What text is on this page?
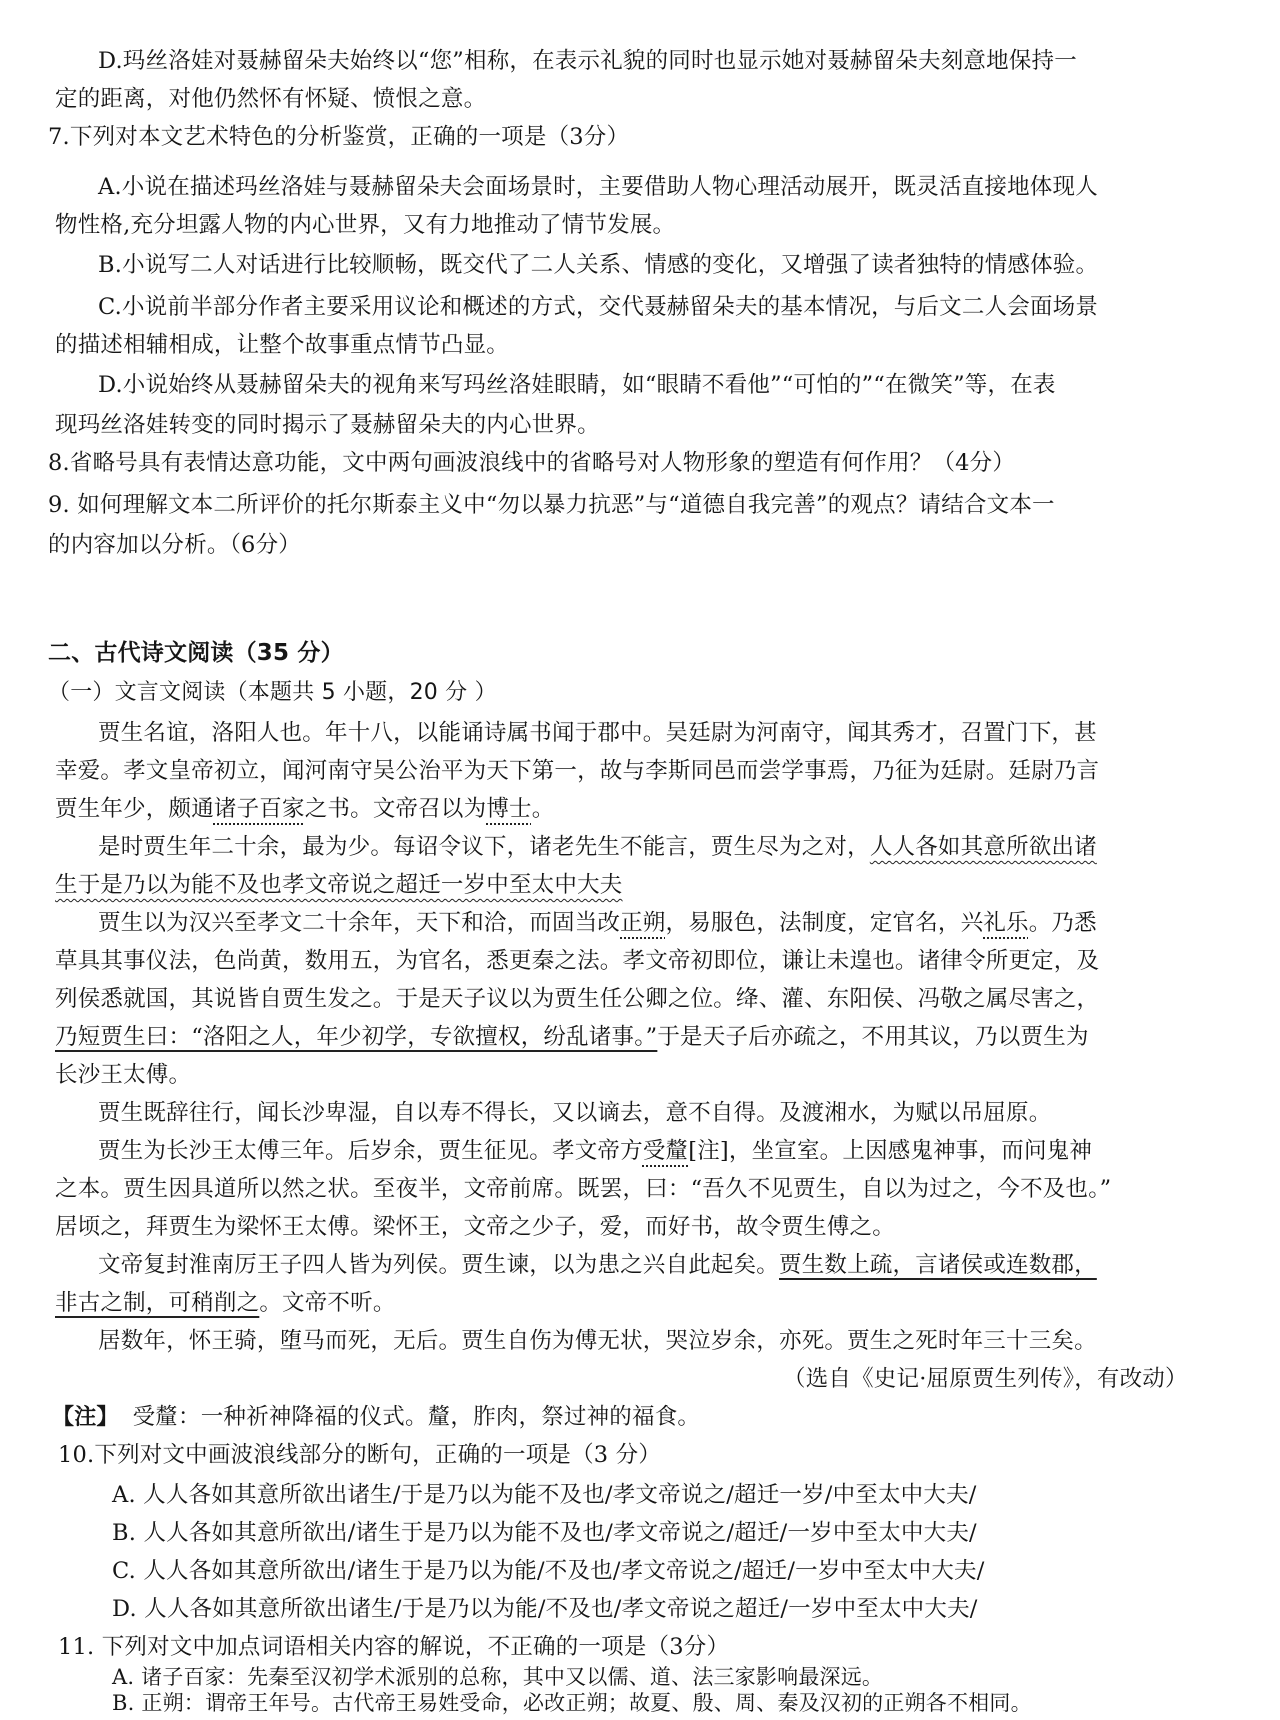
D.玛丝洛娃对聂赫留朵夫始终以“您”相称，在表示礼貌的同时也显示她对聂赫留朵夫刻意地保持一
定的距离，对他仍然怀有怀疑、愤恨之意。
7.下列对本文艺术特色的分析鉴赏，正确的一项是（3分）
A.小说在描述玛丝洛娃与聂赫留朵夫会面场景时，主要借助人物心理活动展开，既灵活直接地体现人
物性格,充分坦露人物的内心世界，又有力地推动了情节发展。
B.小说写二人对话进行比较顺畅，既交代了二人关系、情感的变化，又增强了读者独特的情感体验。
C.小说前半部分作者主要采用议论和概述的方式，交代聂赫留朵夫的基本情况，与后文二人会面场景
的描述相辅相成，让整个故事重点情节凸显。
D.小说始终从聂赫留朵夫的视角来写玛丝洛娃眼睛，如“眼睛不看他”“可怕的”“在微笑”等，在表
现玛丝洛娃转变的同时揭示了聂赫留朵夫的内心世界。
8.省略号具有表情达意功能，文中两句画波浪线中的省略号对人物形象的塑造有何作用？（4分）
9. 如何理解文本二所评价的托尔斯泰主义中“勿以暴力抗恶”与“道德自我完善”的观点？请结合文本一
的内容加以分析。（6分）
二、古代诗文阅读（35 分）
（一）文言文阅读（本题共 5 小题，20 分 ）
贾生名谊，洛阳人也。年十八，以能诵诗属书闻于郡中。吴廷尉为河南守，闻其秀才，召置门下，甚
幸爱。孝文皇帝初立，闻河南守吴公治平为天下第一，故与李斯同邑而尝学事焉，乃征为廷尉。廷尉乃言
贾生年少，颇通诸子百家之书。文帝召以为博士。
是时贾生年二十余，最为少。每诏令议下，诸老先生不能言，贾生尽为之对，人人各如其意所欲出诸
生于是乃以为能不及也孝文帝说之超迁一岁中至太中大夫
贾生以为汉兴至孝文二十余年，天下和洽，而固当改正朔，易服色，法制度，定官名，兴礼乐。乃悉
草具其事仪法，色尚黄，数用五，为官名，悉更秦之法。孝文帝初即位，谦让未遑也。诸律令所更定，及
列侯悉就国，其说皆自贾生发之。于是天子议以为贾生任公卿之位。绛、灌、东阳侯、冯敬之属尽害之，
乃短贾生曰：“洛阳之人，年少初学，专欲擅权，纷乱诸事。”于是天子后亦疏之，不用其议，乃以贾生为
长沙王太傅。
贾生既辞往行，闻长沙卑湿，自以寿不得长，又以谪去，意不自得。及渡湘水，为赋以吊屈原。
贾生为长沙王太傅三年。后岁余，贾生征见。孝文帝方受釐[注]，坐宣室。上因感鬼神事，而问鬼神
之本。贾生因具道所以然之状。至夜半，文帝前席。既罢，曰：“吾久不见贾生，自以为过之，今不及也。”
居顷之，拜贾生为梁怀王太傅。梁怀王，文帝之少子，爱，而好书，故令贾生傅之。
文帝复封淮南厉王子四人皆为列侯。贾生谏，以为患之兴自此起矣。贾生数上疏，言诸侯或连数郡，
非古之制，可稍削之。文帝不听。
居数年，怀王骑，堕马而死，无后。贾生自伤为傅无状，哭泣岁余，亦死。贾生之死时年三十三矣。
（选自《史记·屈原贾生列传》，有改动）
【注】 受釐：一种祈神降福的仪式。釐，胙肉，祭过神的福食。
10.下列对文中画波浪线部分的断句，正确的一项是（3 分）
A. 人人各如其意所欲出诸生/于是乃以为能不及也/孝文帝说之/超迁一岁/中至太中大夫/
B. 人人各如其意所欲出/诸生于是乃以为能不及也/孝文帝说之/超迁/一岁中至太中大夫/
C. 人人各如其意所欲出/诸生于是乃以为能/不及也/孝文帝说之/超迁/一岁中至太中大夫/
D. 人人各如其意所欲出诸生/于是乃以为能/不及也/孝文帝说之超迁/一岁中至太中大夫/
11. 下列对文中加点词语相关内容的解说，不正确的一项是（3分）
A. 诸子百家：先秦至汉初学术派别的总称，其中又以儒、道、法三家影响最深远。
B. 正朔：谓帝王年号。古代帝王易姓受命，必改正朔；故夏、殷、周、秦及汉初的正朔各不相同。
